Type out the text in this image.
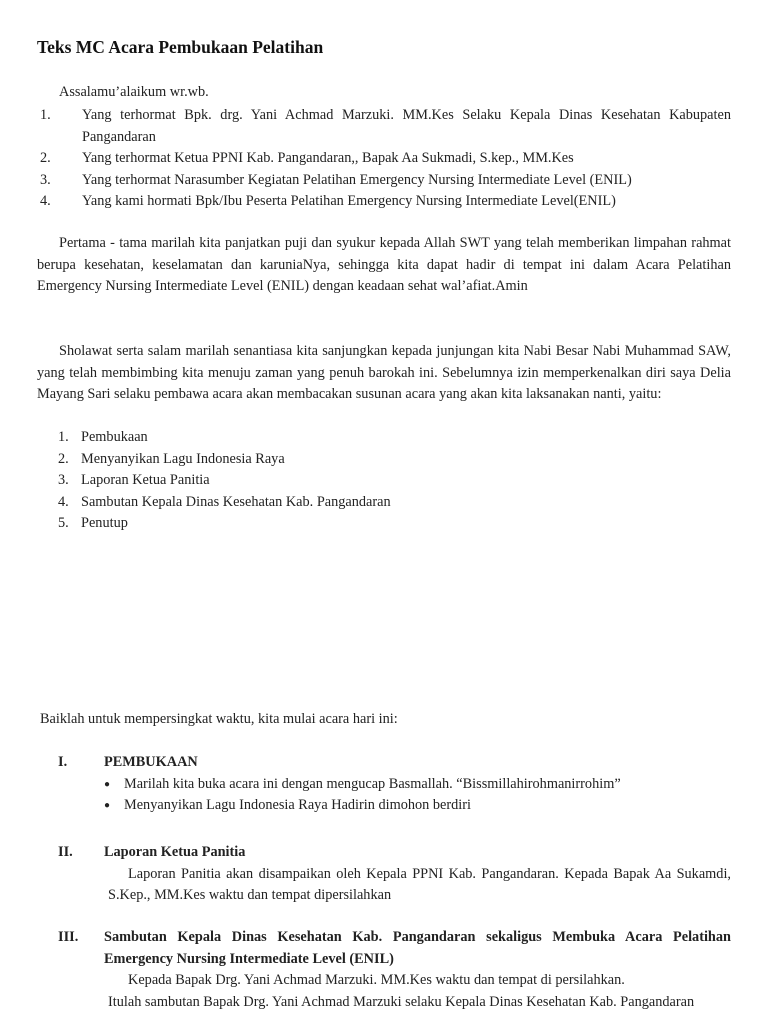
Teks MC Acara Pembukaan Pelatihan
Assalamu’alaikum wr.wb.
1.	Yang terhormat Bpk. drg. Yani Achmad Marzuki. MM.Kes Selaku Kepala Dinas Kesehatan Kabupaten Pangandaran
2.	Yang terhormat Ketua PPNI Kab. Pangandaran,, Bapak Aa Sukmadi, S.kep., MM.Kes
3.	Yang terhormat Narasumber Kegiatan Pelatihan Emergency Nursing Intermediate Level (ENIL)
4.	Yang kami hormati Bpk/Ibu Peserta Pelatihan Emergency Nursing Intermediate Level(ENIL)

Pertama - tama marilah kita panjatkan puji dan syukur kepada Allah SWT yang telah memberikan limpahan rahmat berupa kesehatan, keselamatan dan karuniaNya, sehingga kita dapat hadir di tempat ini dalam Acara Pelatihan Emergency Nursing Intermediate Level (ENIL) dengan keadaan sehat wal’afiat.Amin

Sholawat serta salam marilah senantiasa kita sanjungkan kepada junjungan kita Nabi Besar Nabi Muhammad SAW, yang telah membimbing kita menuju zaman yang penuh barokah ini. Sebelumnya izin memperkenalkan diri saya Delia Mayang Sari selaku pembawa acara akan membacakan susunan acara yang akan kita laksanakan nanti, yaitu:

1. Pembukaan
2. Menyanyikan Lagu Indonesia Raya
3. Laporan Ketua Panitia
4. Sambutan Kepala Dinas Kesehatan Kab. Pangandaran
5. Penutup
Baiklah untuk mempersingkat waktu, kita mulai acara hari ini:
I.	PEMBUKAAN
● Marilah kita buka acara ini dengan mengucap Basmallah. “Bissmillahirohmanirrohim”
● Menyanyikan Lagu Indonesia Raya Hadirin dimohon berdiri
II.	Laporan Ketua Panitia
Laporan Panitia akan disampaikan oleh Kepala PPNI Kab. Pangandaran. Kepada Bapak Aa Sukamdi, S.Kep., MM.Kes waktu dan tempat dipersilahkan
III.	Sambutan Kepala Dinas Kesehatan Kab. Pangandaran sekaligus Membuka Acara Pelatihan Emergency Nursing Intermediate Level (ENIL)
Kepada Bapak Drg. Yani Achmad Marzuki. MM.Kes waktu dan tempat di persilahkan.
Itulah sambutan Bapak Drg. Yani Achmad Marzuki selaku Kepala Dinas Kesehatan Kab. Pangandaran
